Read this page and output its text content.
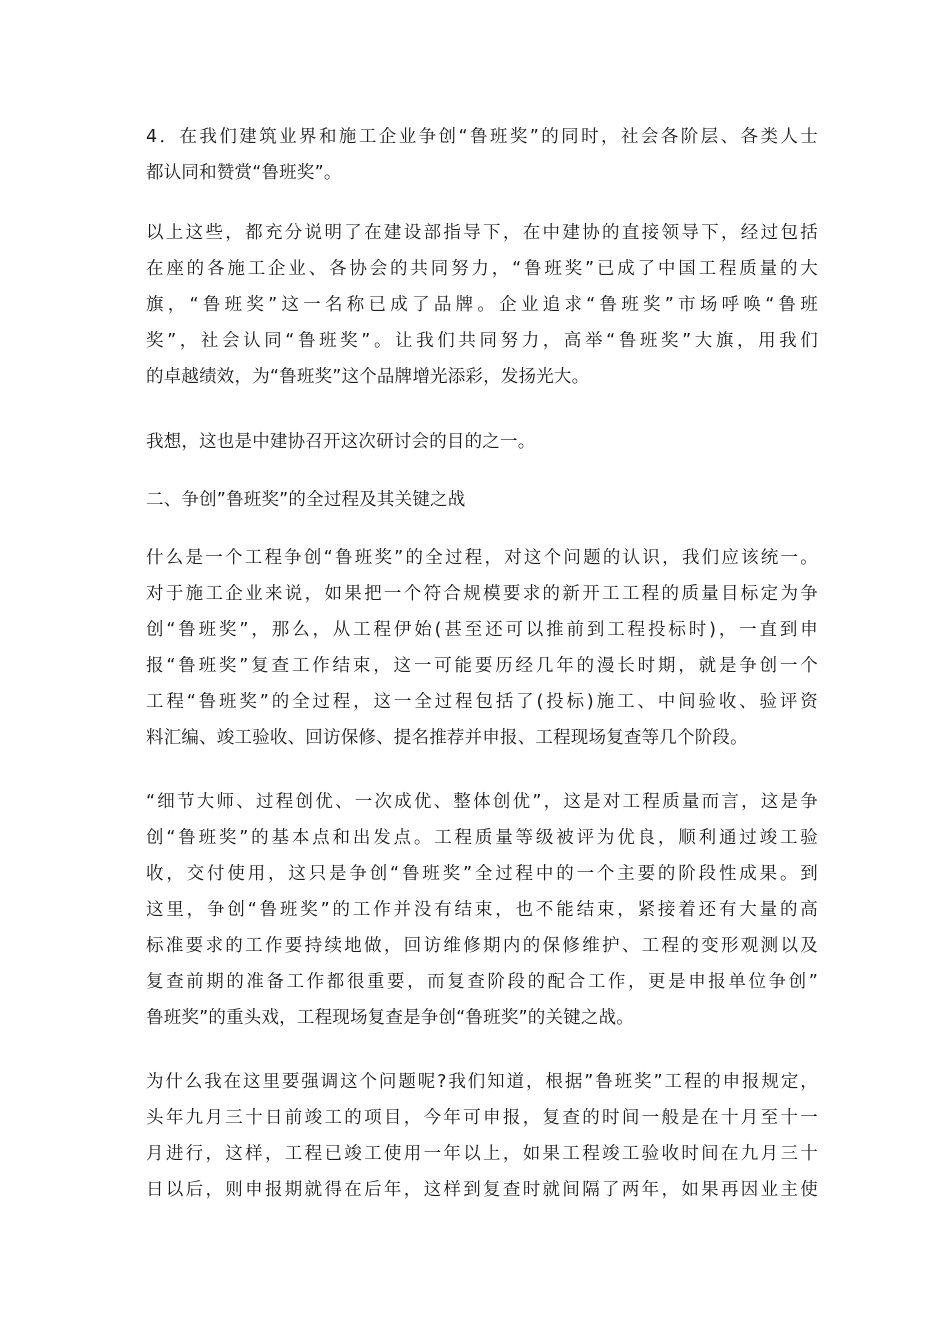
4．在我们建筑业界和施工企业争创“鲁班奖”的同时，社会各阶层、各类人士
都认同和赞赏“鲁班奖”。
以上这些，都充分说明了在建设部指导下，在中建协的直接领导下，经过包括
在座的各施工企业、各协会的共同努力，“鲁班奖”已成了中国工程质量的大
旗，“鲁班奖”这一名称已成了品牌。企业追求“鲁班奖”市场呼唤“鲁班
奖”，社会认同“鲁班奖”。让我们共同努力，高举“鲁班奖”大旗，用我们
的卓越绩效，为“鲁班奖”这个品牌增光添彩，发扬光大。
我想，这也是中建协召开这次研讨会的目的之一。
二、争创”鲁班奖”的全过程及其关键之战
什么是一个工程争创“鲁班奖”的全过程，对这个问题的认识，我们应该统一。
对于施工企业来说，如果把一个符合规模要求的新开工工程的质量目标定为争
创“鲁班奖”，那么，从工程伊始(甚至还可以推前到工程投标时)，一直到申
报“鲁班奖”复查工作结束，这一可能要历经几年的漫长时期，就是争创一个
工程“鲁班奖”的全过程，这一全过程包括了(投标)施工、中间验收、验评资
料汇编、竣工验收、回访保修、提名推荐并申报、工程现场复查等几个阶段。
“细节大师、过程创优、一次成优、整体创优”，这是对工程质量而言，这是争
创“鲁班奖”的基本点和出发点。工程质量等级被评为优良，顺利通过竣工验
收，交付使用，这只是争创“鲁班奖”全过程中的一个主要的阶段性成果。到
这里，争创“鲁班奖”的工作并没有结束，也不能结束，紧接着还有大量的高
标准要求的工作要持续地做，回访维修期内的保修维护、工程的变形观测以及
复查前期的准备工作都很重要，而复查阶段的配合工作，更是申报单位争创”
鲁班奖”的重头戏，工程现场复查是争创“鲁班奖”的关键之战。
为什么我在这里要强调这个问题呢?我们知道，根据”鲁班奖”工程的申报规定，
头年九月三十日前竣工的项目，今年可申报，复查的时间一般是在十月至十一
月进行，这样，工程已竣工使用一年以上，如果工程竣工验收时间在九月三十
日以后，则申报期就得在后年，这样到复查时就间隔了两年，如果再因业主使
